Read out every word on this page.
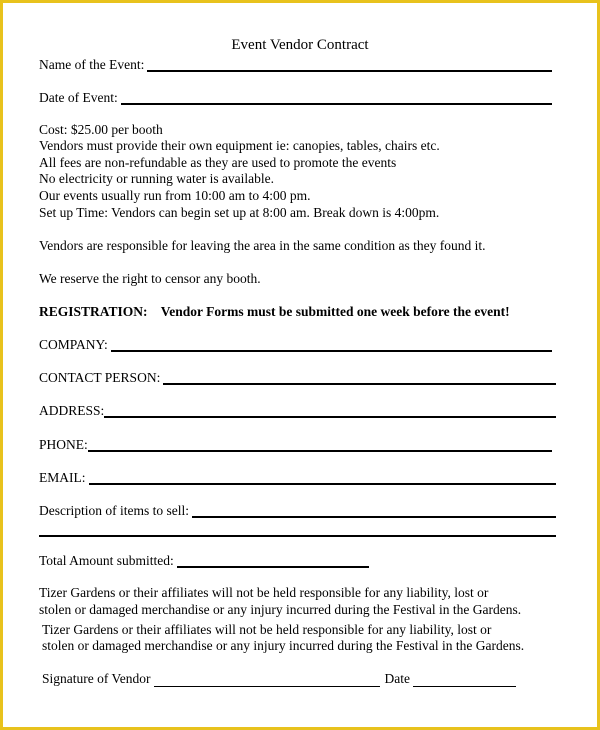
Event Vendor Contract
Name of the Event:
Date of Event:
Cost: $25.00 per booth
Vendors must provide their own equipment ie: canopies, tables, chairs etc.
All fees are non-refundable as they are used to promote the events
No electricity or running water is available.
Our events usually run from 10:00 am to 4:00 pm.
Set up Time: Vendors can begin set up at 8:00 am. Break down is 4:00pm.
Vendors are responsible for leaving the area in the same condition as they found it.
We reserve the right to censor any booth.
REGISTRATION:    Vendor Forms must be submitted one week before the event!
COMPANY:
CONTACT PERSON:
ADDRESS:
PHONE:
EMAIL:
Description of items to sell:
Total Amount submitted:
Tizer Gardens or their affiliates will not be held responsible for any liability, lost or
stolen or damaged merchandise or any injury incurred during the Festival in the Gardens.
Tizer Gardens or their affiliates will not be held responsible for any liability, lost or
stolen or damaged merchandise or any injury incurred during the Festival in the Gardens.
Signature of Vendor	Date
